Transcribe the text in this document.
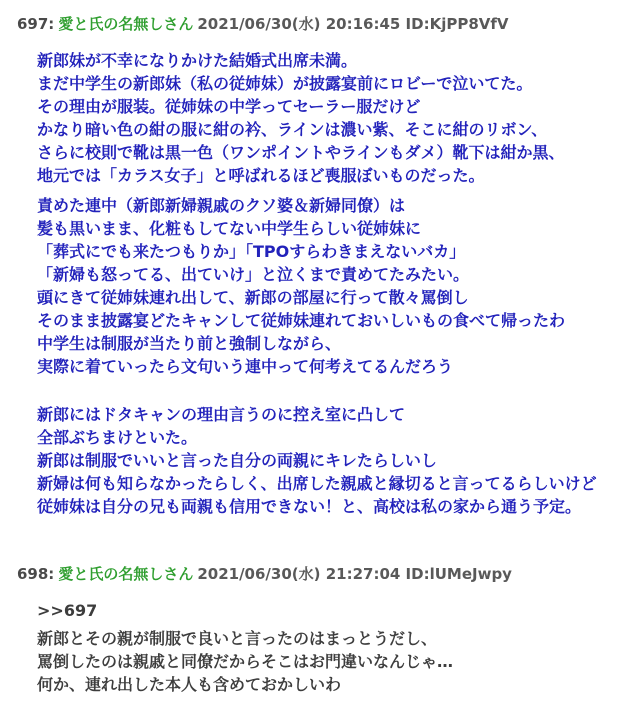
697: 愛と氏の名無しさん 2021/06/30(水) 20:16:45 ID:KjPP8VfV

新郎妹が不幸になりかけた結婚式出席未満。
まだ中学生の新郎妹（私の従姉妹）が披露宴前にロビーで泣いてた。
その理由が服装。従姉妹の中学ってセーラー服だけど
かなり暗い色の紺の服に紺の衿、ラインは濃い紫、そこに紺のリボン、
さらに校則で靴は黒一色（ワンポイントやラインもダメ）靴下は紺か黒、
地元では「カラス女子」と呼ばれるほど喪服ぼいものだった。

責めた連中（新郎新婦親戚のクソ婆＆新婦同僚）は
髪も黒いまま、化粧もしてない中学生らしい従姉妹に
「葬式にでも来たつもりか」「TPOすらわきまえないバカ」
「新婦も怒ってる、出ていけ」と泣くまで責めてたみたい。
頭にきて従姉妹連れ出して、新郎の部屋に行って散々罵倒し
そのまま披露宴どたキャンして従姉妹連れておいしいもの食べて帰ったわ
中学生は制服が当たり前と強制しながら、
実際に着ていったら文句いう連中って何考えてるんだろう

新郎にはドタキャンの理由言うのに控え室に凸して
全部ぶちまけといた。
新郎は制服でいいと言った自分の両親にキレたらしいし
新婦は何も知らなかったらしく、出席した親戚と縁切ると言ってるらしいけど
従姉妹は自分の兄も両親も信用できない！と、高校は私の家から通う予定。

698: 愛と氏の名無しさん 2021/06/30(水) 21:27:04 ID:lUMeJwpy
>>697

新郎とその親が制服で良いと言ったのはまっとうだし、
罵倒したのは親戚と同僚だからそこはお門違いなんじゃ…
何か、連れ出した本人も含めておかしいわ
